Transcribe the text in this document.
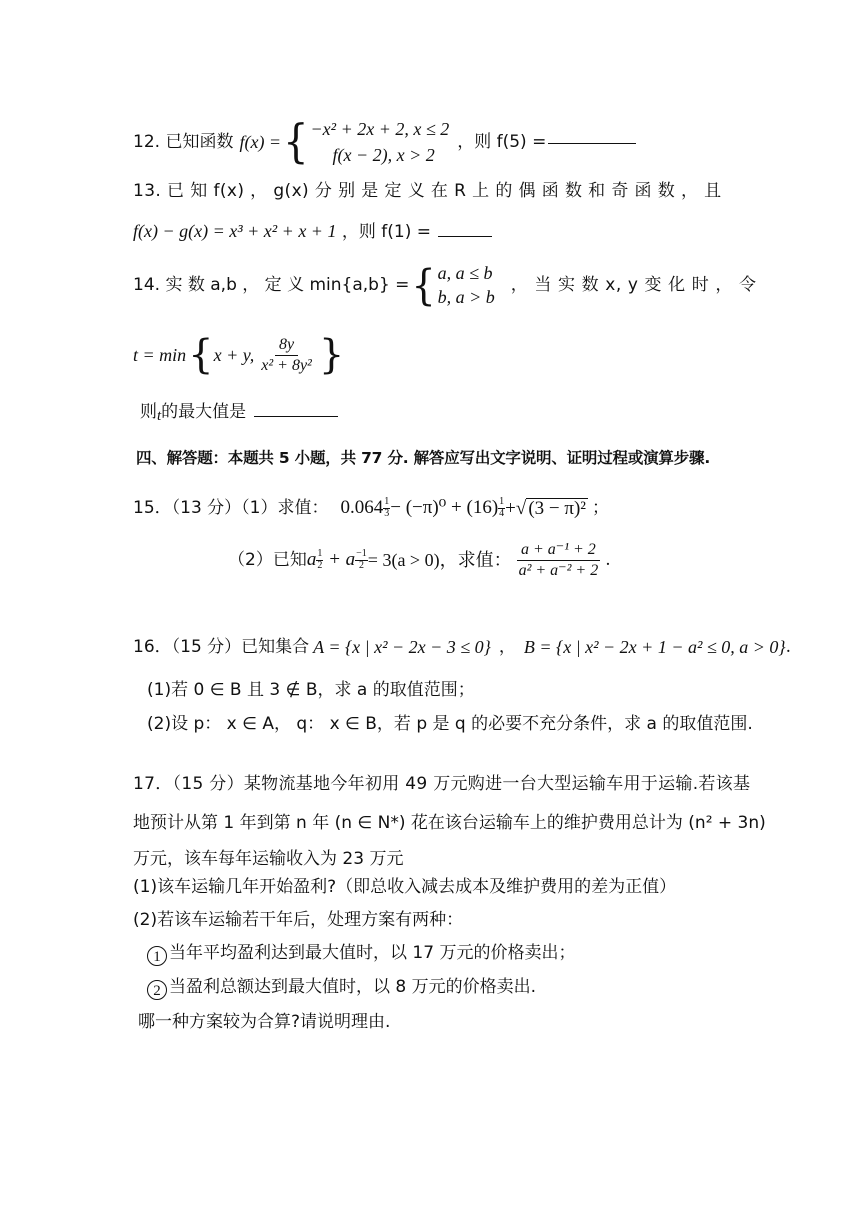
12. 已知函数 f(x) = { −x² + 2x + 2, x ≤ 2
f(x − 2), x > 2
，则 f(5) =
13. 已 知 f(x) ， g(x) 分 别 是 定 义 在 R 上 的 偶 函 数 和 奇 函 数 ， 且
f(x) − g(x) = x³ + x² + x + 1 ，则 f(1) =
14. 实 数 a,b ， 定 义 min{a,b} = { a, a ≤ b
b, a > b
， 当 实 数 x, y 变 化 时 ， 令
t = min { x + y, $\frac{8y}{\text{x² + 8y²}}$ }
则t的最大值是
四、解答题：本题共 5 小题，共 77 分. 解答应写出文字说明、证明过程或演算步骤.
15．（13 分）（1）求值： $0.064 \frac{1}{3} - (-\pi)^0 + (16) \frac{1}{4}$ + √ (3 − π)² ；
（2）已知 a $\frac{1}{2} + a \frac{-1}{2} = 3(a > 0)$，求值： $\frac{\text{a + a⁻¹ + 2}}{\text{a² + a⁻² + 2}}$ .
16．（15 分）已知集合 A = {x | x² − 2x − 3 ≤ 0} ， B = {x | x² − 2x + 1 − a² ≤ 0, a > 0} .
(1)若 0 ∈ B 且 3 ∉ B，求 a 的取值范围；
(2)设 p： x ∈ A， q： x ∈ B，若 p 是 q 的必要不充分条件，求 a 的取值范围.
17．（15 分）某物流基地今年初用 49 万元购进一台大型运输车用于运输.若该基
地预计从第 1 年到第 n 年 (n ∈ N*) 花在该台运输车上的维护费用总计为 (n² + 3n)
万元，该车每年运输收入为 23 万元
(1)该车运输几年开始盈利?（即总收入减去成本及维护费用的差为正值）
(2)若该车运输若干年后，处理方案有两种：
1 当年平均盈利达到最大值时，以 17 万元的价格卖出；
2 当盈利总额达到最大值时，以 8 万元的价格卖出.
哪一种方案较为合算?请说明理由.
